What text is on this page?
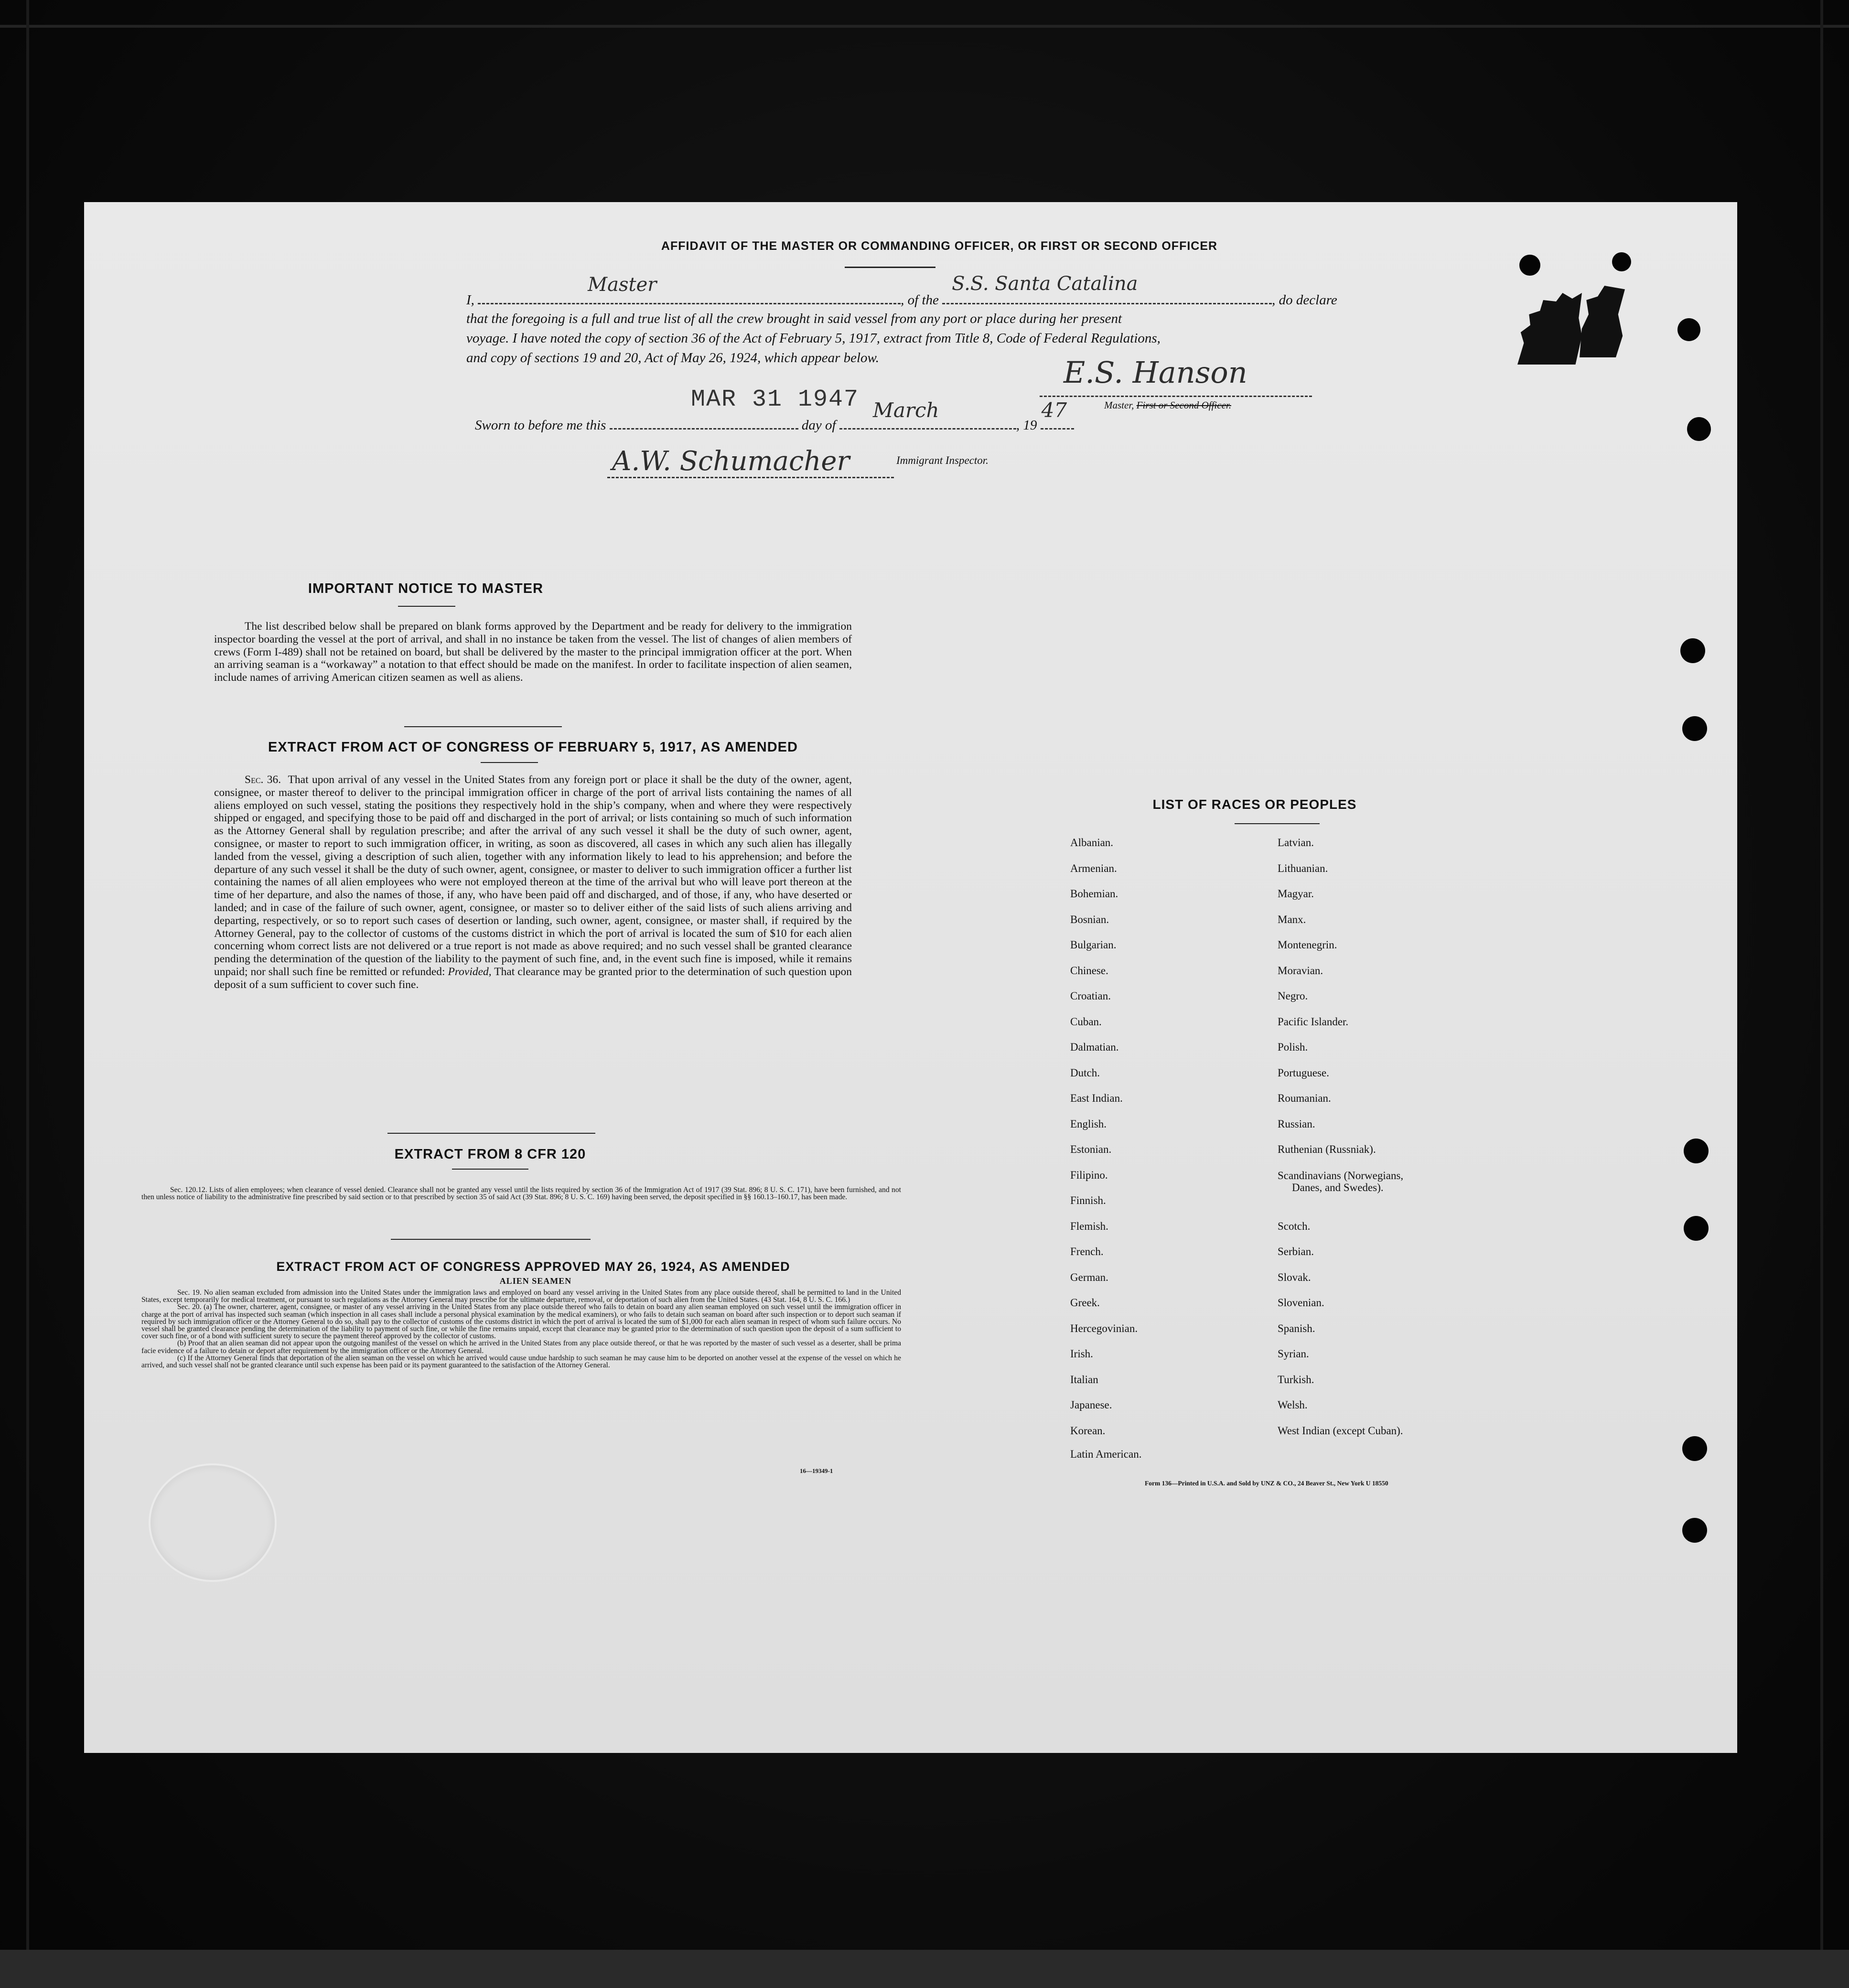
AFFIDAVIT OF THE MASTER OR COMMANDING OFFICER, OR FIRST OR SECOND OFFICER
I,
Master
, of the
S.S. Santa Catalina
, do declare
that the foregoing is a full and true list of all the crew brought in said vessel from any port or place during her present
voyage. I have noted the copy of section 36 of the Act of February 5, 1917, extract from Title 8, Code of Federal Regulations,
and copy of sections 19 and 20, Act of May 26, 1924, which appear below.
MAR 31 1947
E.S. Hanson
Master, First or Second Officer.
Sworn to before me this	day of
March
, 19
47
A.W. Schumacher	Immigrant Inspector.
IMPORTANT NOTICE TO MASTER
The list described below shall be prepared on blank forms approved by the Department and be ready for delivery to the immigration inspector boarding the vessel at the port of arrival, and shall in no instance be taken from the vessel. The list of changes of alien members of crews (Form I-489) shall not be retained on board, but shall be delivered by the master to the principal immigration officer at the port. When an arriving seaman is a “workaway” a notation to that effect should be made on the manifest. In order to facilitate inspection of alien seamen, include names of arriving American citizen seamen as well as aliens.
EXTRACT FROM ACT OF CONGRESS OF FEBRUARY 5, 1917, AS AMENDED
Sec. 36. That upon arrival of any vessel in the United States from any foreign port or place it shall be the duty of the owner, agent, consignee, or master thereof to deliver to the principal immigration officer in charge of the port of arrival lists containing the names of all aliens employed on such vessel, stating the positions they respectively hold in the ship’s company, when and where they were respectively shipped or engaged, and specifying those to be paid off and discharged in the port of arrival; or lists containing so much of such information as the Attorney General shall by regulation prescribe; and after the arrival of any such vessel it shall be the duty of such owner, agent, consignee, or master to report to such immigration officer, in writing, as soon as discovered, all cases in which any such alien has illegally landed from the vessel, giving a description of such alien, together with any information likely to lead to his apprehension; and before the departure of any such vessel it shall be the duty of such owner, agent, consignee, or master to deliver to such immigration officer a further list containing the names of all alien employees who were not employed thereon at the time of the arrival but who will leave port thereon at the time of her departure, and also the names of those, if any, who have been paid off and discharged, and of those, if any, who have deserted or landed; and in case of the failure of such owner, agent, consignee, or master so to deliver either of the said lists of such aliens arriving and departing, respectively, or so to report such cases of desertion or landing, such owner, agent, consignee, or master shall, if required by the Attorney General, pay to the collector of customs of the customs district in which the port of arrival is located the sum of $10 for each alien concerning whom correct lists are not delivered or a true report is not made as above required; and no such vessel shall be granted clearance pending the determination of the question of the liability to the payment of such fine, and, in the event such fine is imposed, while it remains unpaid; nor shall such fine be remitted or refunded: Provided, That clearance may be granted prior to the determination of such question upon deposit of a sum sufficient to cover such fine.
EXTRACT FROM 8 CFR 120
Sec. 120.12. Lists of alien employees; when clearance of vessel denied. Clearance shall not be granted any vessel until the lists required by section 36 of the Immigration Act of 1917 (39 Stat. 896; 8 U. S. C. 171), have been furnished, and not then unless notice of liability to the administrative fine prescribed by said section or to that prescribed by section 35 of said Act (39 Stat. 896; 8 U. S. C. 169) having been served, the deposit specified in §§ 160.13–160.17, has been made.
EXTRACT FROM ACT OF CONGRESS APPROVED MAY 26, 1924, AS AMENDED
ALIEN SEAMEN
Sec. 19. No alien seaman excluded from admission into the United States under the immigration laws and employed on board any vessel arriving in the United States from any place outside thereof, shall be permitted to land in the United States, except temporarily for medical treatment, or pursuant to such regulations as the Attorney General may prescribe for the ultimate departure, removal, or deportation of such alien from the United States. (43 Stat. 164, 8 U. S. C. 166.)
Sec. 20. (a) The owner, charterer, agent, consignee, or master of any vessel arriving in the United States from any place outside thereof who fails to detain on board any alien seaman employed on such vessel until the immigration officer in charge at the port of arrival has inspected such seaman (which inspection in all cases shall include a personal physical examination by the medical examiners), or who fails to detain such seaman on board after such inspection or to deport such seaman if required by such immigration officer or the Attorney General to do so, shall pay to the collector of customs of the customs district in which the port of arrival is located the sum of $1,000 for each alien seaman in respect of whom such failure occurs. No vessel shall be granted clearance pending the determination of the liability to payment of such fine, or while the fine remains unpaid, except that clearance may be granted prior to the determination of such question upon the deposit of a sum sufficient to cover such fine, or of a bond with sufficient surety to secure the payment thereof approved by the collector of customs.
(b) Proof that an alien seaman did not appear upon the outgoing manifest of the vessel on which he arrived in the United States from any place outside thereof, or that he was reported by the master of such vessel as a deserter, shall be prima facie evidence of a failure to detain or deport after requirement by the immigration officer or the Attorney General.
(c) If the Attorney General finds that deportation of the alien seaman on the vessel on which he arrived would cause undue hardship to such seaman he may cause him to be deported on another vessel at the expense of the vessel on which he arrived, and such vessel shall not be granted clearance until such expense has been paid or its payment guaranteed to the satisfaction of the Attorney General.
16—19349-1
LIST OF RACES OR PEOPLES
Albanian.
Armenian.
Bohemian.
Bosnian.
Bulgarian.
Chinese.
Croatian.
Cuban.
Dalmatian.
Dutch.
East Indian.
English.
Estonian.
Filipino.
Finnish.
Flemish.
French.
German.
Greek.
Hercegovinian.
Irish.
Italian
Japanese.
Korean.
Latin American.
Latvian.
Lithuanian.
Magyar.
Manx.
Montenegrin.
Moravian.
Negro.
Pacific Islander.
Polish.
Portuguese.
Roumanian.
Russian.
Ruthenian (Russniak).
Scandinavians (Norwegians,
Danes, and Swedes).
Scotch.
Serbian.
Slovak.
Slovenian.
Spanish.
Syrian.
Turkish.
Welsh.
West Indian (except Cuban).
Form 136—Printed in U.S.A. and Sold by UNZ & CO., 24 Beaver St., New York U 18550
